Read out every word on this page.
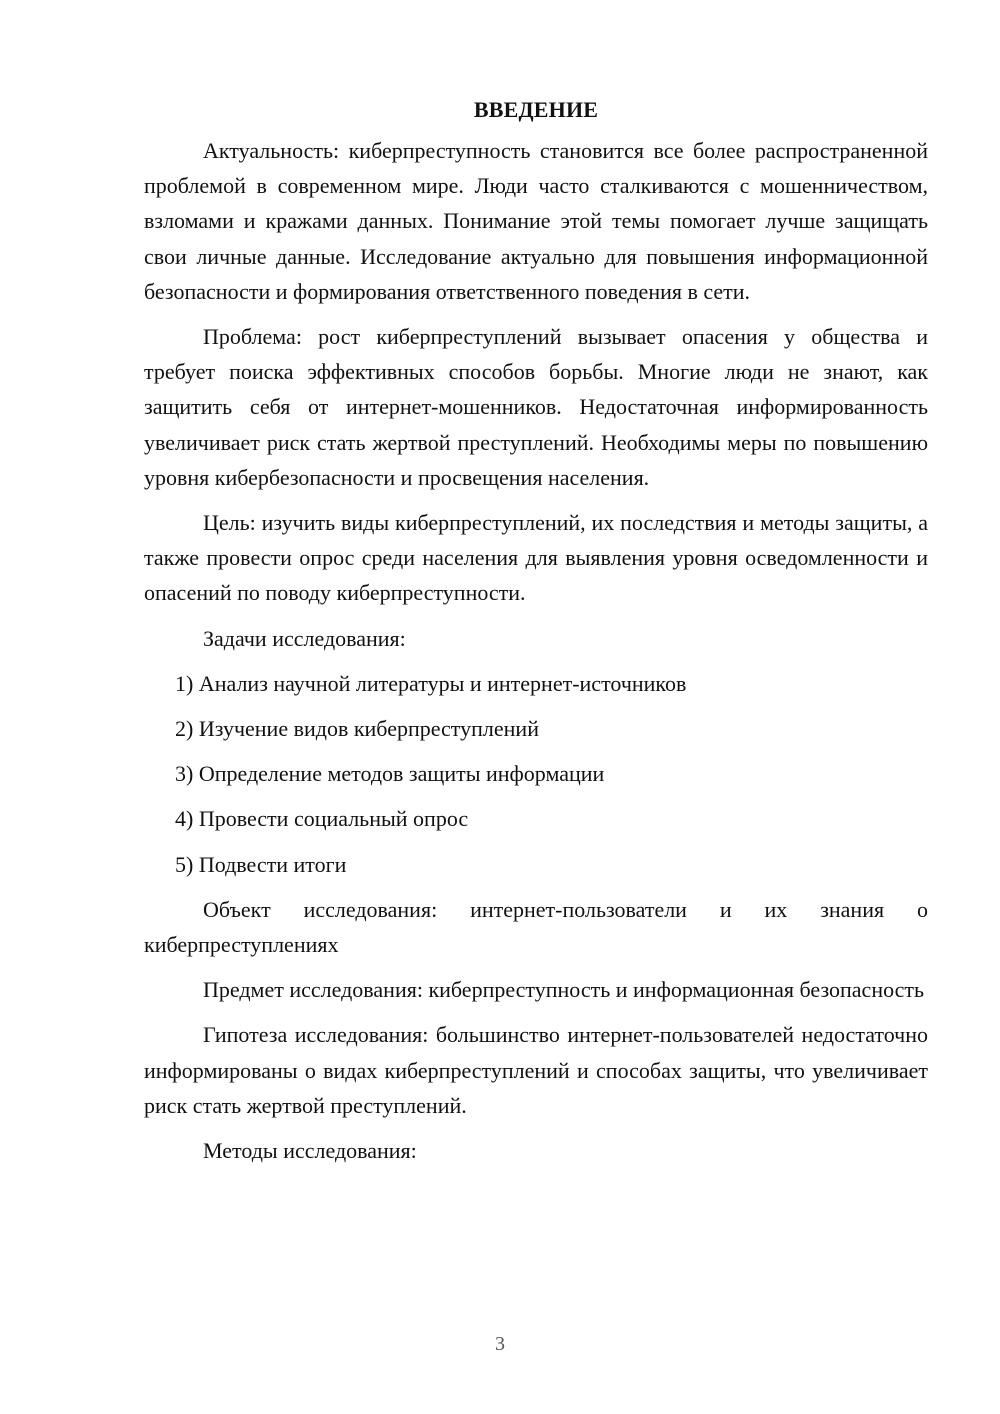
ВВЕДЕНИЕ

Актуальность: киберпреступность становится все более распространенной проблемой в современном мире. Люди часто сталкиваются с мошенничеством, взломами и кражами данных. Понимание этой темы помогает лучше защищать свои личные данные. Исследование актуально для повышения информационной безопасности и формирования ответственного поведения в сети.

Проблема: рост киберпреступлений вызывает опасения у общества и требует поиска эффективных способов борьбы. Многие люди не знают, как защитить себя от интернет-мошенников. Недостаточная информированность увеличивает риск стать жертвой преступлений. Необходимы меры по повышению уровня кибербезопасности и просвещения населения.

Цель: изучить виды киберпреступлений, их последствия и методы защиты, а также провести опрос среди населения для выявления уровня осведомленности и опасений по поводу киберпреступности.

Задачи исследования:

1) Анализ научной литературы и интернет-источников
2) Изучение видов киберпреступлений
3) Определение методов защиты информации
4) Провести социальный опрос
5) Подвести итоги

Объект исследования: интернет-пользователи и их знания о киберпреступлениях

Предмет исследования: киберпреступность и информационная безопасность

Гипотеза исследования: большинство интернет-пользователей недостаточно информированы о видах киберпреступлений и способах защиты, что увеличивает риск стать жертвой преступлений.

Методы исследования:

3
